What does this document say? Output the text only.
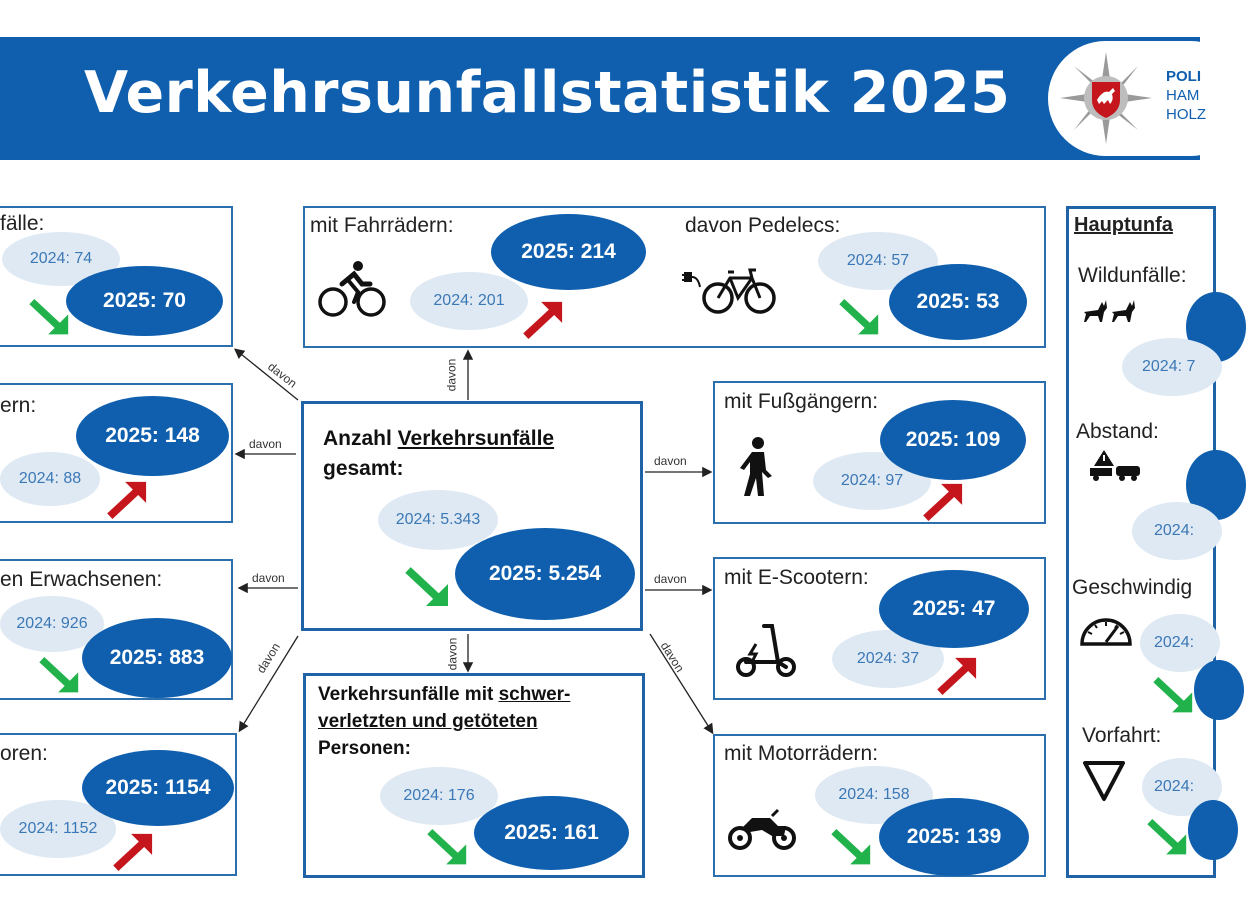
Verkehrsunfallstatistik 2025	POLI
HAM
HOLZ
davon
davon
davon
davon
davon
davon
davon
davon
davon
Anzahl Verkehrsunfälle
gesamt:
2024: 5.343
2025: 5.254
Verkehrsunfälle mit schwer-
verletzten und getöteten
Personen:
2024: 176
2025: 161
fälle:
2024: 74
2025: 70
ern:
2024: 88
2025: 148
en Erwachsenen:
2024: 926
2025: 883
oren:
2024: 1152
2025: 1154
mit Fahrrädern:
2024: 201
2025: 214
davon Pedelecs:
2024: 57
2025: 53
mit Fußgängern:
2024: 97
2025: 109
mit E-Scootern:
2024: 37
2025: 47
mit Motorrädern:
2024: 158
2025: 139
Hauptunfa
Wildunfälle:
2024: 7
Abstand:
2024:
Geschwindig
2024:
Vorfahrt:
2024:
